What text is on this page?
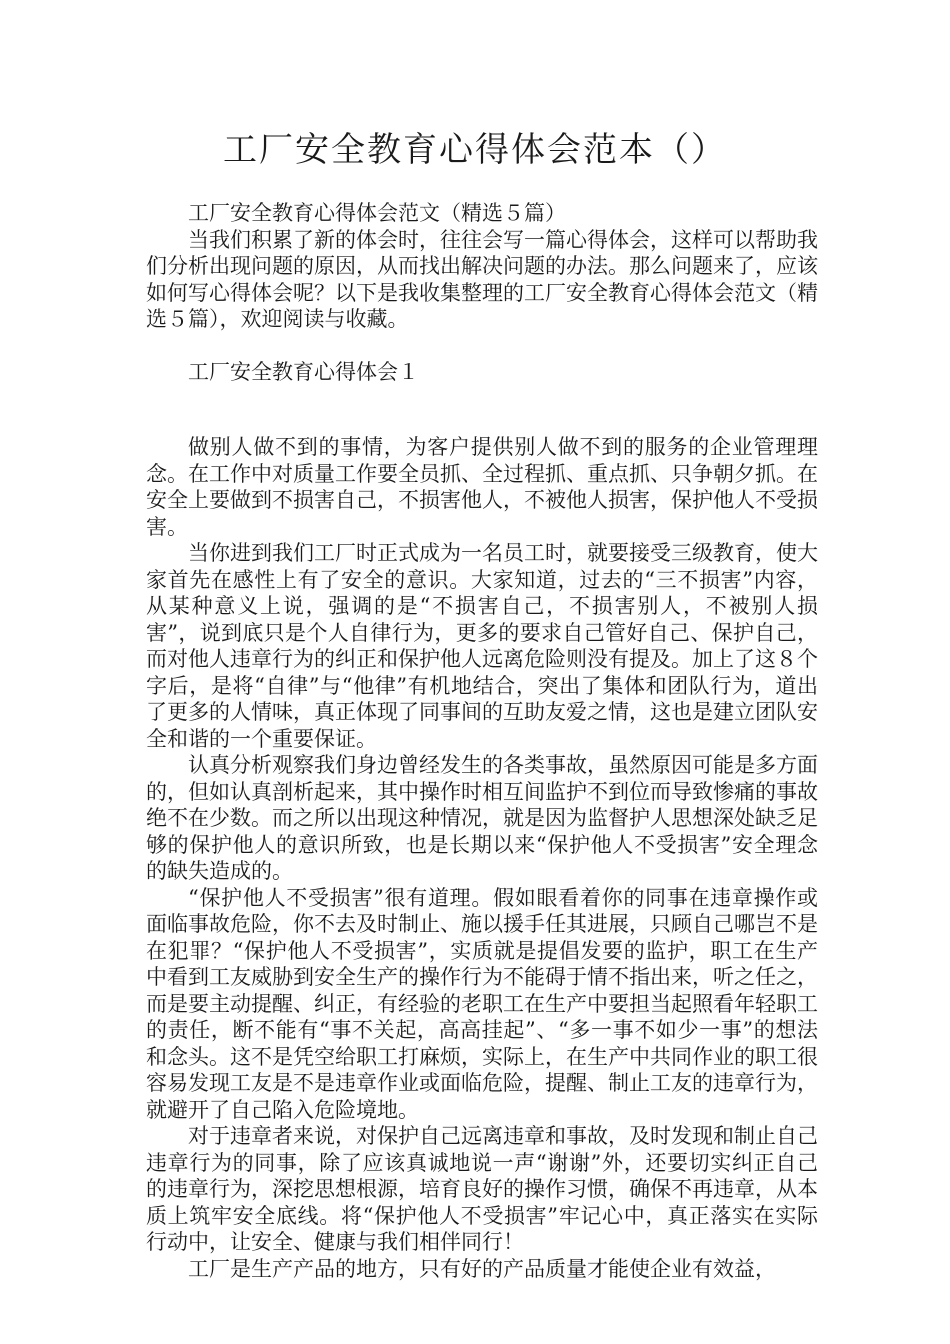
工厂安全教育心得体会范本（）

工厂安全教育心得体会范文（精选５篇）

当我们积累了新的体会时，往往会写一篇心得体会，这样可以帮助我们分析出现问题的原因，从而找出解决问题的办法。那么问题来了，应该如何写心得体会呢？以下是我收集整理的工厂安全教育心得体会范文（精选５篇），欢迎阅读与收藏。

工厂安全教育心得体会１

做别人做不到的事情，为客户提供别人做不到的服务的企业管理理念。在工作中对质量工作要全员抓、全过程抓、重点抓、只争朝夕抓。在安全上要做到不损害自己，不损害他人，不被他人损害，保护他人不受损害。

当你进到我们工厂时正式成为一名员工时，就要接受三级教育，使大家首先在感性上有了安全的意识。大家知道，过去的“三不损害”内容，从某种意义上说，强调的是“不损害自己，不损害别人，不被别人损害”，说到底只是个人自律行为，更多的要求自己管好自己、保护自己，而对他人违章行为的纠正和保护他人远离危险则没有提及。加上了这８个字后，是将“自律”与“他律”有机地结合，突出了集体和团队行为，道出了更多的人情味，真正体现了同事间的互助友爱之情，这也是建立团队安全和谐的一个重要保证。

认真分析观察我们身边曾经发生的各类事故，虽然原因可能是多方面的，但如认真剖析起来，其中操作时相互间监护不到位而导致惨痛的事故绝不在少数。而之所以出现这种情况，就是因为监督护人思想深处缺乏足够的保护他人的意识所致，也是长期以来“保护他人不受损害”安全理念的缺失造成的。

“保护他人不受损害”很有道理。假如眼看着你的同事在违章操作或面临事故危险，你不去及时制止、施以援手任其进展，只顾自己哪岂不是在犯罪？“保护他人不受损害”，实质就是提倡发要的监护，职工在生产中看到工友威胁到安全生产的操作行为不能碍于情不指出来，听之任之，而是要主动提醒、纠正，有经验的老职工在生产中要担当起照看年轻职工的责任，断不能有“事不关起，高高挂起”、“多一事不如少一事”的想法和念头。这不是凭空给职工打麻烦，实际上，在生产中共同作业的职工很容易发现工友是不是违章作业或面临危险，提醒、制止工友的违章行为，就避开了自己陷入危险境地。

对于违章者来说，对保护自己远离违章和事故，及时发现和制止自己违章行为的同事，除了应该真诚地说一声“谢谢”外，还要切实纠正自己的违章行为，深挖思想根源，培育良好的操作习惯，确保不再违章，从本质上筑牢安全底线。将“保护他人不受损害”牢记心中，真正落实在实际行动中，让安全、健康与我们相伴同行！

工厂是生产产品的地方，只有好的产品质量才能使企业有效益，
